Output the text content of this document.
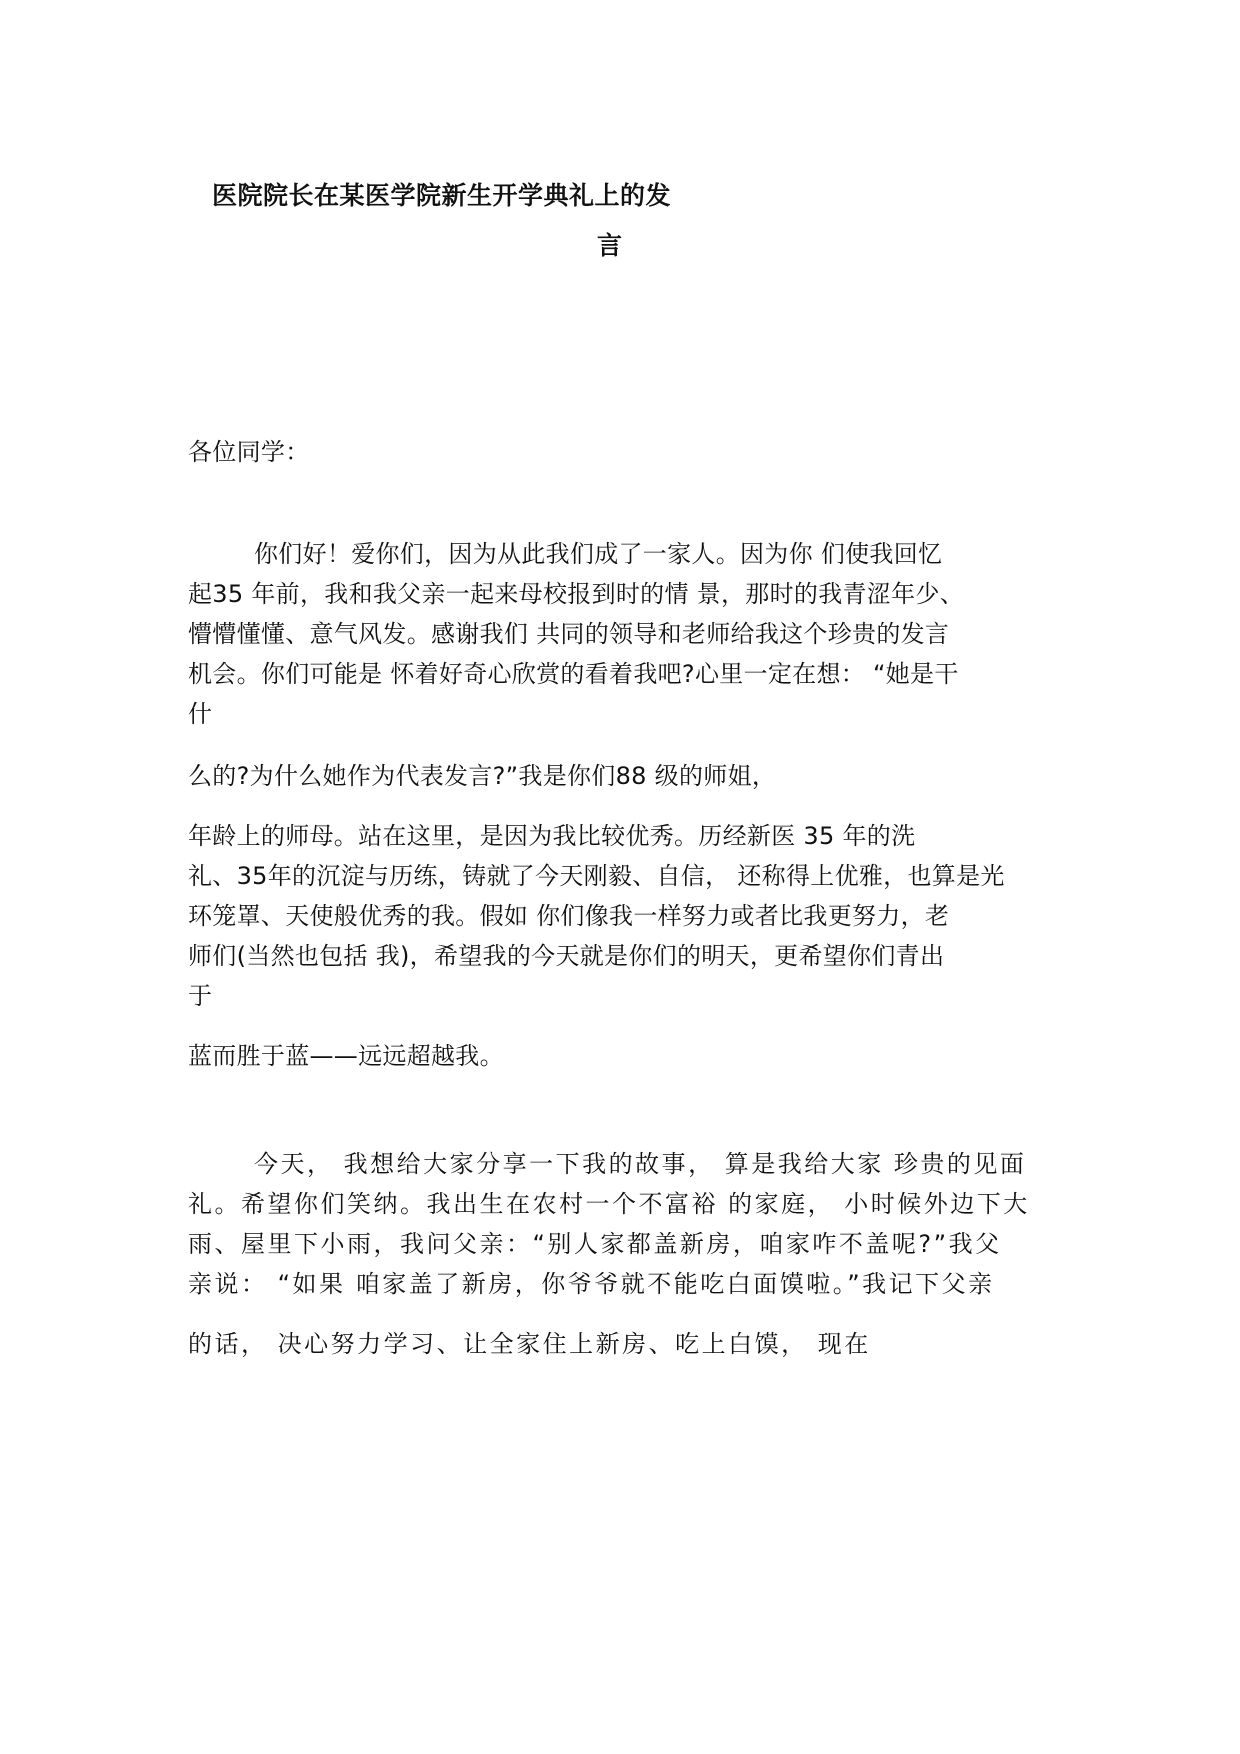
医院院长在某医学院新生开学典礼上的发
言
各位同学：
你们好！爱你们，因为从此我们成了一家人。因为你 们使我回忆
起35 年前，我和我父亲一起来母校报到时的情 景，那时的我青涩年少、
懵懵懂懂、意气风发。感谢我们 共同的领导和老师给我这个珍贵的发言
机会。你们可能是 怀着好奇心欣赏的看着我吧?心里一定在想： “她是干
什
么的?为什么她作为代表发言?”我是你们88 级的师姐，
年龄上的师母。站在这里，是因为我比较优秀。历经新医 35 年的洗
礼、35年的沉淀与历练，铸就了今天刚毅、自信， 还称得上优雅，也算是光
环笼罩、天使般优秀的我。假如 你们像我一样努力或者比我更努力，老
师们(当然也包括 我)，希望我的今天就是你们的明天，更希望你们青出
于
蓝而胜于蓝——远远超越我。
今天， 我想给大家分享一下我的故事， 算是我给大家 珍贵的见面
礼。希望你们笑纳。我出生在农村一个不富裕 的家庭， 小时候外边下大
雨、屋里下小雨，我问父亲：“别人家都盖新房，咱家咋不盖呢?”我父
亲说： “如果 咱家盖了新房，你爷爷就不能吃白面馍啦。”我记下父亲
的话， 决心努力学习、让全家住上新房、吃上白馍， 现在
